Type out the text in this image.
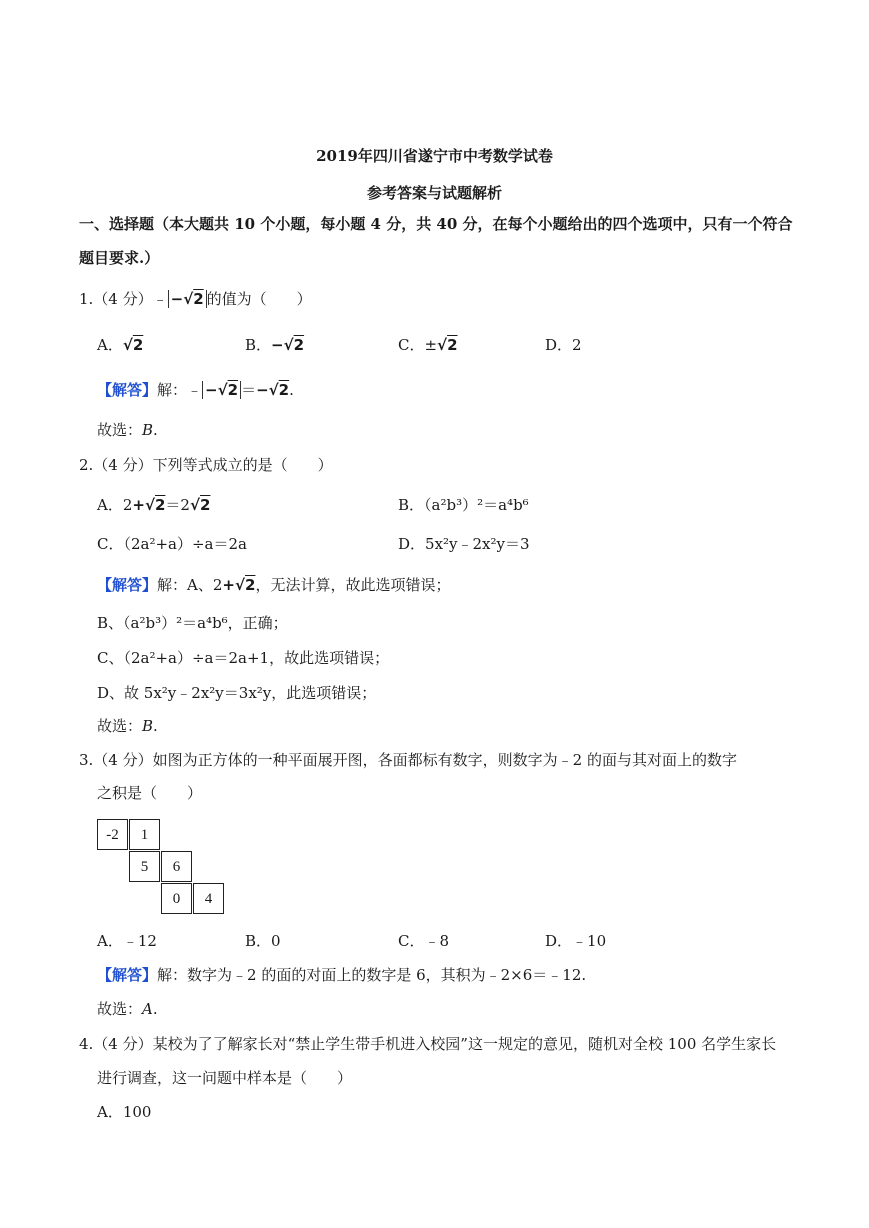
2019年四川省遂宁市中考数学试卷
参考答案与试题解析
一、选择题（本大题共 10 个小题，每小题 4 分，共 40 分，在每个小题给出的四个选项中，只有一个符合
题目要求.）
1.（4 分）﹣ −√2 的值为（　　）
A．√2	B．−√2	C．±√2	D．2
【解答】解：﹣ −√2 ＝−√2.
故选：B.
2.（4 分）下列等式成立的是（　　）
A．2+√2＝2√2	B．（a²b³）²＝a⁴b⁶
C．（2a²+a）÷a＝2a	D．5x²y﹣2x²y＝3
【解答】解：A、2+√2，无法计算，故此选项错误；
B、（a²b³）²＝a⁴b⁶，正确；
C、（2a²+a）÷a＝2a+1，故此选项错误；
D、故 5x²y﹣2x²y＝3x²y，此选项错误；
故选：B.
3.（4 分）如图为正方体的一种平面展开图，各面都标有数字，则数字为﹣2 的面与其对面上的数字
之积是（　　）
-2	1
5	6
0	4
A．﹣12	B．0	C．﹣8	D．﹣10
【解答】解：数字为﹣2 的面的对面上的数字是 6，其积为﹣2×6＝﹣12.
故选：A.
4.（4 分）某校为了了解家长对“禁止学生带手机进入校园”这一规定的意见，随机对全校 100 名学生家长
进行调查，这一问题中样本是（　　）
A．100
